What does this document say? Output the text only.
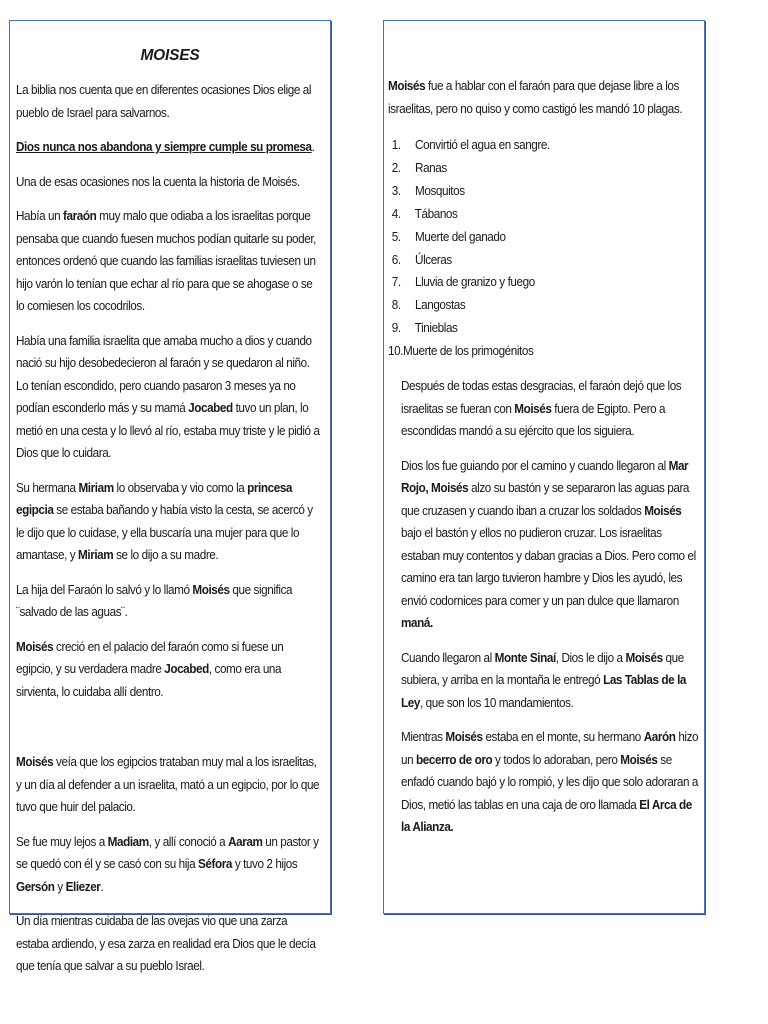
MOISES

La biblia nos cuenta que en diferentes ocasiones Dios elige al pueblo de Israel para salvarnos.

Dios nunca nos abandona y siempre cumple su promesa.

Una de esas ocasiones nos la cuenta la historia de Moisés.

Había un faraón muy malo que odiaba a los israelitas porque pensaba que cuando fuesen muchos podían quitarle su poder, entonces ordenó que cuando las familias israelitas tuviesen un hijo varón lo tenían que echar al río para que se ahogase o se lo comiesen los cocodrilos.

Había una familia israelita que amaba mucho a dios y cuando nació su hijo desobedecieron al faraón y se quedaron al niño. Lo tenían escondido, pero cuando pasaron 3 meses ya no podían esconderlo más y su mamá Jocabed tuvo un plan, lo metió en una cesta y lo llevó al río, estaba muy triste y le pidió a Dios que lo cuidara.

Su hermana Miriam lo observaba y vio como la princesa egipcia se estaba bañando y había visto la cesta, se acercó y le dijo que lo cuidase, y ella buscaría una mujer para que lo amantase, y Miriam se lo dijo a su madre.

La hija del Faraón lo salvó y lo llamó Moisés que significa ¨salvado de las aguas¨.

Moisés creció en el palacio del faraón como si fuese un egipcio, y su verdadera madre Jocabed, como era una sirvienta, lo cuidaba allí dentro.

Moisés veía que los egipcios trataban muy mal a los israelitas, y un día al defender a un israelita, mató a un egipcio, por lo que tuvo que huir del palacio.

Se fue muy lejos a Madiam, y allí conoció a Aaram un pastor y se quedó con él y se casó con su hija Séfora y tuvo 2 hijos Gersón y Eliezer.

Un día mientras cuidaba de las ovejas vio que una zarza estaba ardiendo, y esa zarza en realidad era Dios que le decía que tenía que salvar a su pueblo Israel.

Moisés fue a hablar con el faraón para que dejase libre a los israelitas, pero no quiso y como castigó les mandó 10 plagas.

1. Convirtió el agua en sangre.
2. Ranas
3. Mosquitos
4. Tábanos
5. Muerte del ganado
6. Úlceras
7. Lluvia de granizo y fuego
8. Langostas
9. Tinieblas
10.Muerte de los primogénitos

Después de todas estas desgracias, el faraón dejó que los israelitas se fueran con Moisés fuera de Egipto. Pero a escondidas mandó a su ejército que los siguiera.

Dios los fue guiando por el camino y cuando llegaron al Mar Rojo, Moisés alzo su bastón y se separaron las aguas para que cruzasen y cuando iban a cruzar los soldados Moisés bajo el bastón y ellos no pudieron cruzar. Los israelitas estaban muy contentos y daban gracias a Dios. Pero como el camino era tan largo tuvieron hambre y Dios les ayudó, les envió codornices para comer y un pan dulce que llamaron maná.

Cuando llegaron al Monte Sinaí, Dios le dijo a Moisés que subiera, y arriba en la montaña le entregó Las Tablas de la Ley, que son los 10 mandamientos.

Mientras Moisés estaba en el monte, su hermano Aarón hizo un becerro de oro y todos lo adoraban, pero Moisés se enfadó cuando bajó y lo rompió, y les dijo que solo adoraran a Dios, metió las tablas en una caja de oro llamada El Arca de la Alianza.
